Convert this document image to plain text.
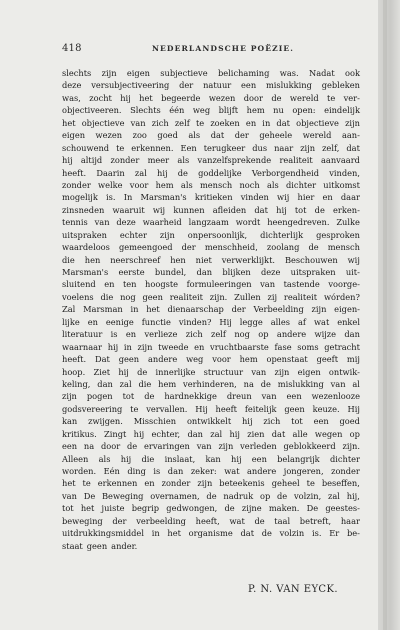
418	NEDERLANDSCHE POËZIE.
slechts zijn eigen subjectieve belichaming was. Nadat ook
deze versubjectiveering der natuur een mislukking gebleken
was, zocht hij het begeerde wezen door de wereld te ver-
objectiveeren. Slechts één weg blijft hem nu open: eindelijk
het objectieve van zich zelf te zoeken en in dat objectieve zijn
eigen wezen zoo goed als dat der geheele wereld aan-
schouwend te erkennen. Een terugkeer dus naar zijn zelf, dat
hij altijd zonder meer als vanzelfsprekende realiteit aanvaard
heeft. Daarin zal hij de goddelijke Verborgendheid vinden,
zonder welke voor hem als mensch noch als dichter uitkomst
mogelijk is. In Marsman's kritieken vinden wij hier en daar
zinsneden waaruit wij kunnen afleiden dat hij tot de erken-
tennis van deze waarheid langzaam wordt heengedreven. Zulke
uitspraken echter zijn onpersoonlijk, dichterlijk gesproken
waardeloos gemeengoed der menschheid, zoolang de mensch
die hen neerschreef hen niet verwerklijkt. Beschouwen wij
Marsman's eerste bundel, dan blijken deze uitspraken uit-
sluitend en ten hoogste formuleeringen van tastende voorge-
voelens die nog geen realiteit zijn. Zullen zij realiteit wórden?
Zal Marsman in het dienaarschap der Verbeelding zijn eigen-
lijke en eenige functie vinden? Hij legge alles af wat enkel
literatuur is en verlieze zich zelf nog op andere wijze dan
waarnaar hij in zijn tweede en vruchtbaarste fase soms getracht
heeft. Dat geen andere weg voor hem openstaat geeft mij
hoop. Ziet hij de innerlijke structuur van zijn eigen ontwik-
keling, dan zal die hem verhinderen, na de mislukking van al
zijn pogen tot de hardnekkige dreun van een wezenlooze
godsvereering te vervallen. Hij heeft feitelijk geen keuze. Hij
kan zwijgen. Misschien ontwikkelt hij zich tot een goed
kritikus. Zingt hij echter, dan zal hij zien dat alle wegen op
een na door de ervaringen van zijn verleden geblokkeerd zijn.
Alleen als hij die inslaat, kan hij een belangrijk dichter
worden. Eén ding is dan zeker: wat andere jongeren, zonder
het te erkennen en zonder zijn beteekenis geheel te beseffen,
van De Beweging overnamen, de nadruk op de volzin, zal hij,
tot het juiste begrip gedwongen, de zijne maken. De geestes-
beweging der verbeelding heeft, wat de taal betreft, haar
uitdrukkingsmiddel in het organisme dat de volzin is. Er be-
staat geen ander.
P. N. VAN EYCK.
